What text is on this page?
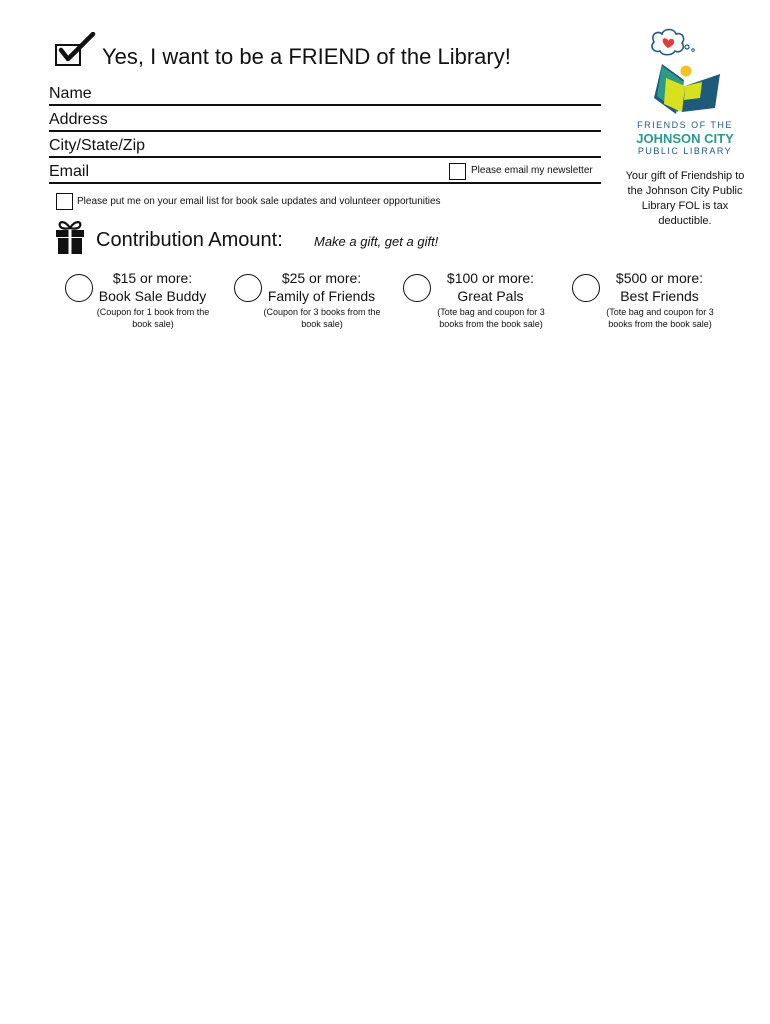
Yes, I want to be a FRIEND of the Library!
Name
Address
City/State/Zip
Email	Please email my newsletter
Please put me on your email list for book sale updates and volunteer opportunities
Contribution Amount: Make a gift, get a gift!
$15 or more:
Book Sale Buddy
(Coupon for 1 book from the book sale)
$25 or more:
Family of Friends
(Coupon for 3 books from the book sale)
$100 or more:
Great Pals
(Tote bag and coupon for 3 books from the book sale)
$500 or more:
Best Friends
(Tote bag and coupon for 3 books from the book sale)
FRIENDS OF THE
JOHNSON CITY
PUBLIC LIBRARY
Your gift of Friendship to the Johnson City Public Library FOL is tax deductible.
